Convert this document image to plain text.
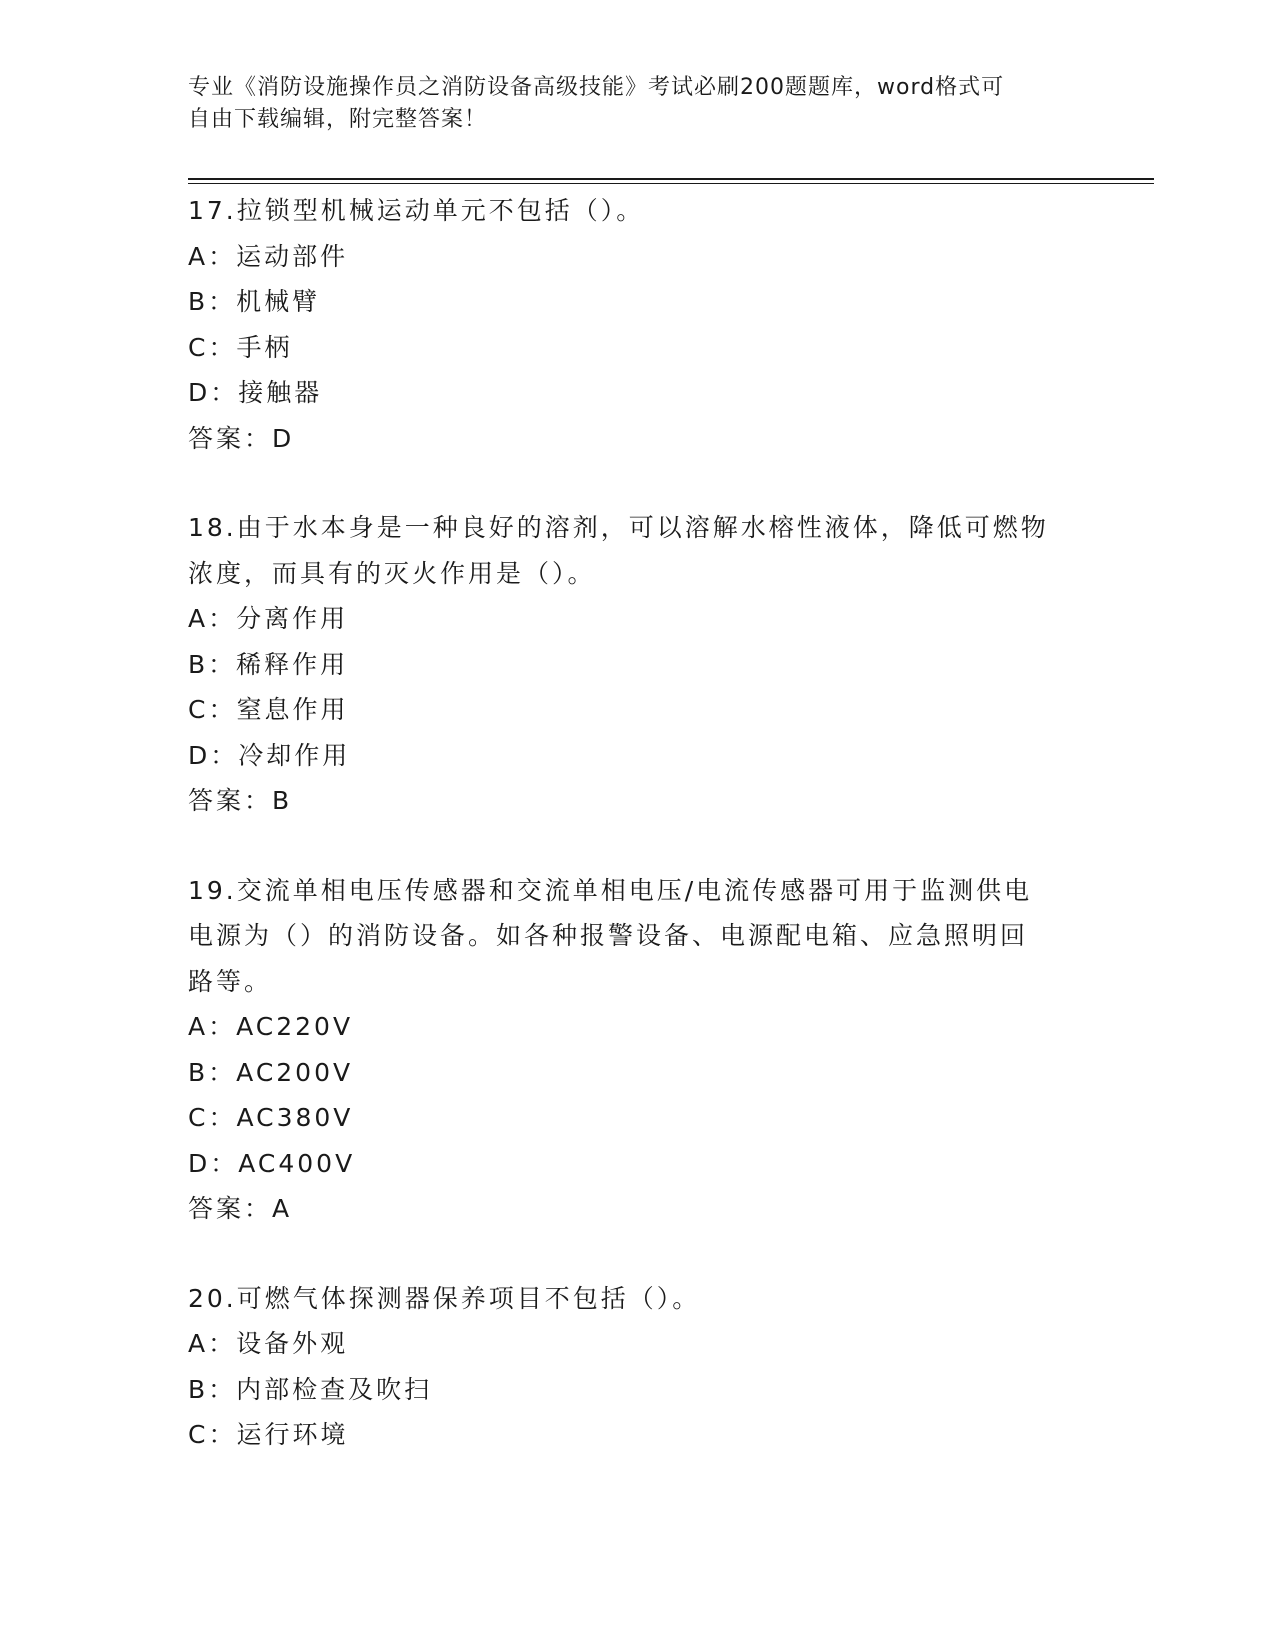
专业《消防设施操作员之消防设备高级技能》考试必刷200题题库，word格式可
自由下载编辑，附完整答案！
17.拉锁型机械运动单元不包括（）。
A：运动部件
B：机械臂
C：手柄
D：接触器
答案：D
18.由于水本身是一种良好的溶剂，可以溶解水榕性液体，降低可燃物
浓度，而具有的灭火作用是（）。
A：分离作用
B：稀释作用
C：窒息作用
D：冷却作用
答案：B
19.交流单相电压传感器和交流单相电压/电流传感器可用于监测供电
电源为（）的消防设备。如各种报警设备、电源配电箱、应急照明回
路等。
A：AC220V
B：AC200V
C：AC380V
D：AC400V
答案：A
20.可燃气体探测器保养项目不包括（）。
A：设备外观
B：内部检查及吹扫
C：运行环境
